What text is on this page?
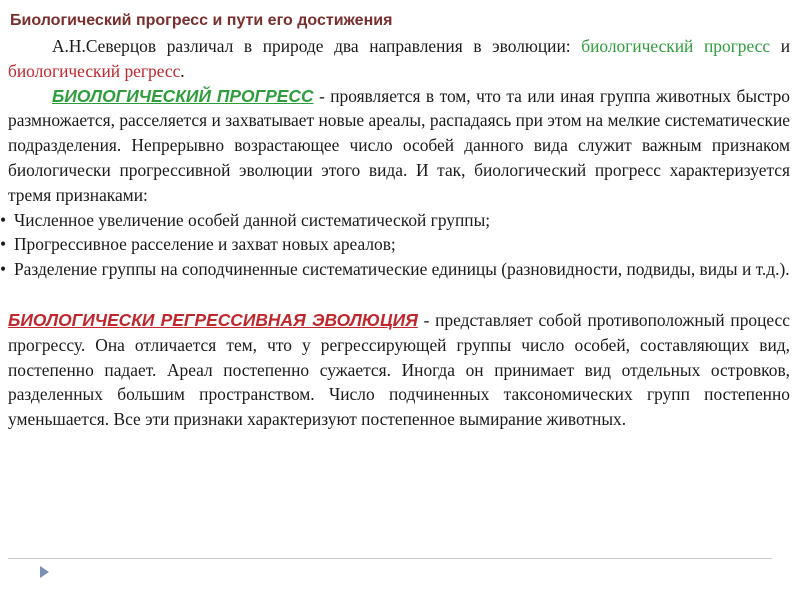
Биологический прогресс и пути его достижения

А.Н.Северцов различал в природе два направления в эволюции: биологический прогресс и биологический регресс.

БИОЛОГИЧЕСКИЙ ПРОГРЕСС - проявляется в том, что та или иная группа животных быстро размножается, расселяется и захватывает новые ареалы, распадаясь при этом на мелкие систематические подразделения. Непрерывно возрастающее число особей данного вида служит важным признаком биологически прогрессивной эволюции этого вида. И так, биологический прогресс характеризуется тремя признаками:

• Численное увеличение особей данной систематической группы;
• Прогрессивное расселение и захват новых ареалов;
• Разделение группы на соподчиненные систематические единицы (разновидности, подвиды, виды и т.д.).

БИОЛОГИЧЕСКИ РЕГРЕССИВНАЯ ЭВОЛЮЦИЯ - представляет собой противоположный процесс прогрессу. Она отличается тем, что у регрессирующей группы число особей, составляющих вид, постепенно падает. Ареал постепенно сужается. Иногда он принимает вид отдельных островков, разделенных большим пространством. Число подчиненных таксономических групп постепенно уменьшается. Все эти признаки характеризуют постепенное вымирание животных.
